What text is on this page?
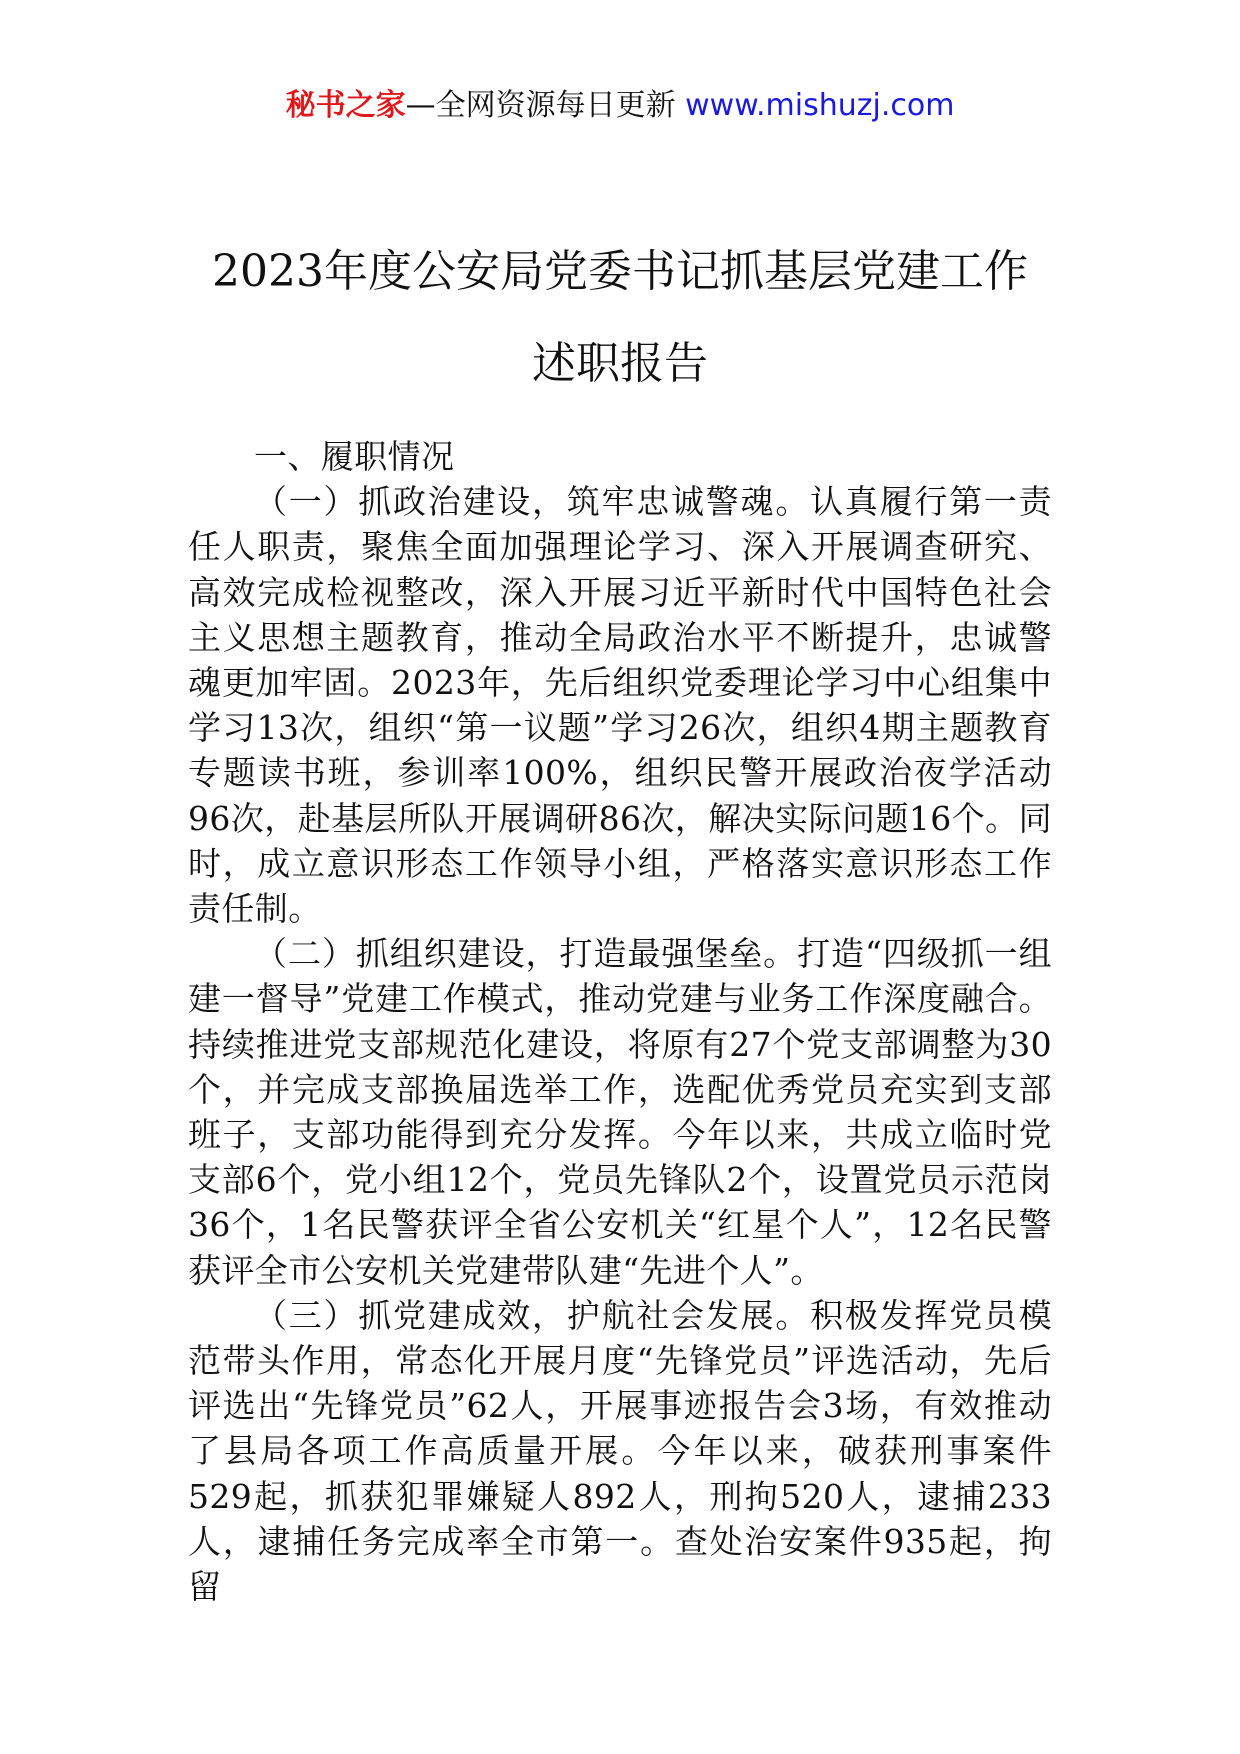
秘书之家—全网资源每日更新 www.mishuzj.com
2023年度公安局党委书记抓基层党建工作
述职报告
一、履职情况

（一）抓政治建设，筑牢忠诚警魂。认真履行第一责任人职责，聚焦全面加强理论学习、深入开展调查研究、高效完成检视整改，深入开展习近平新时代中国特色社会主义思想主题教育，推动全局政治水平不断提升，忠诚警魂更加牢固。2023年，先后组织党委理论学习中心组集中学习13次，组织“第一议题”学习26次，组织4期主题教育专题读书班，参训率100%，组织民警开展政治夜学活动96次，赴基层所队开展调研86次，解决实际问题16个。同时，成立意识形态工作领导小组，严格落实意识形态工作责任制。

（二）抓组织建设，打造最强堡垒。打造“四级抓一组建一督导”党建工作模式，推动党建与业务工作深度融合。持续推进党支部规范化建设，将原有27个党支部调整为30个，并完成支部换届选举工作，选配优秀党员充实到支部班子，支部功能得到充分发挥。今年以来，共成立临时党支部6个，党小组12个，党员先锋队2个，设置党员示范岗36个，1名民警获评全省公安机关“红星个人”，12名民警获评全市公安机关党建带队建“先进个人”。

（三）抓党建成效，护航社会发展。积极发挥党员模范带头作用，常态化开展月度“先锋党员”评选活动，先后评选出“先锋党员”62人，开展事迹报告会3场，有效推动了县局各项工作高质量开展。今年以来，破获刑事案件529起，抓获犯罪嫌疑人892人，刑拘520人，逮捕233人，逮捕任务完成率全市第一。查处治安案件935起，拘留
